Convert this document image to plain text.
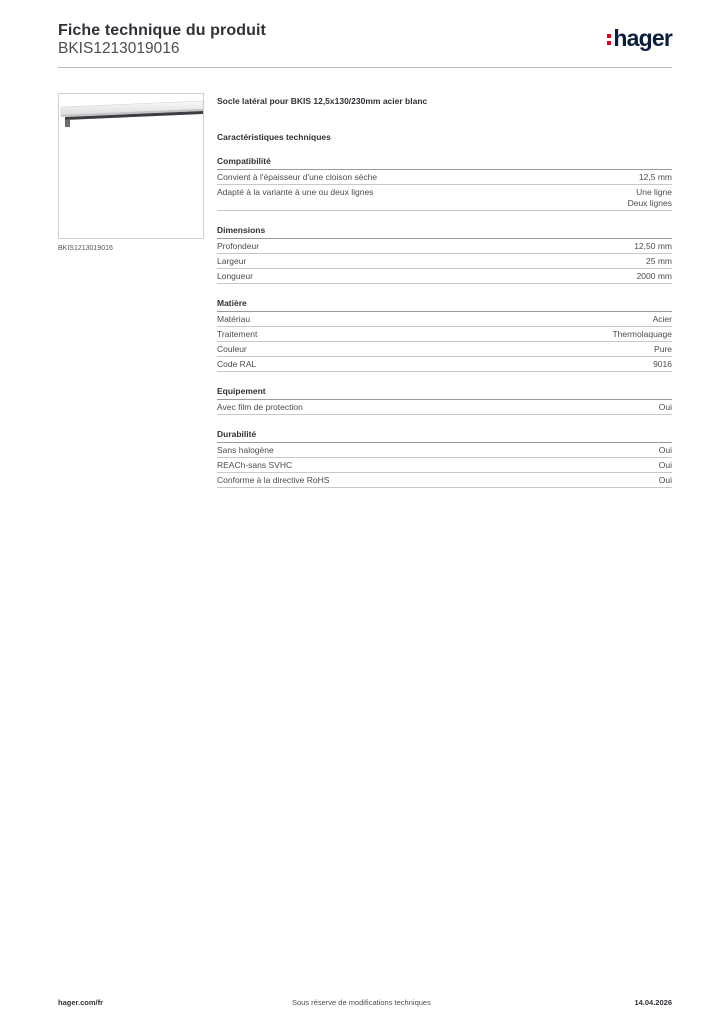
Fiche technique du produit
BKIS1213019016	hager
BKIS1213019016
Socle latéral pour BKIS 12,5x130/230mm acier blanc
Caractéristiques techniques
Compatibilité
Convient à l'épaisseur d'une cloison sèche	12,5 mm
Adapté à la variante à une ou deux lignes	Une ligne
Deux lignes
Dimensions
Profondeur	12,50 mm
Largeur	25 mm
Longueur	2000 mm
Matière
Matériau	Acier
Traitement	Thermolaquage
Couleur	Pure
Code RAL	9016
Equipement
Avec film de protection	Oui
Durabilité
Sans halogène	Oui
REACh-sans SVHC	Oui
Conforme à la directive RoHS	Oui
hager.com/fr	Sous réserve de modifications techniques	14.04.2026
